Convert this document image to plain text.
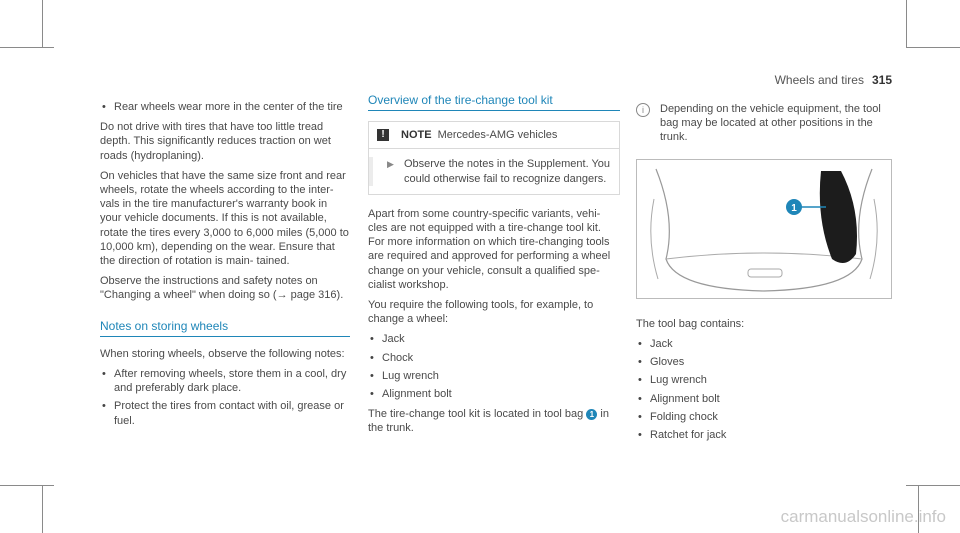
Wheels and tires 315
• Rear wheels wear more in the center of the tire

Do not drive with tires that have too little tread depth. This significantly reduces traction on wet roads (hydroplaning).

On vehicles that have the same size front and rear wheels, rotate the wheels according to the inter- vals in the tire manufacturer's warranty book in your vehicle documents. If this is not available, rotate the tires every 3,000 to 6,000 miles (5,000 to 10,000 km), depending on the wear. Ensure that the direction of rotation is main- tained.

Observe the instructions and safety notes on "Changing a wheel" when doing so (→ page 316).

Notes on storing wheels

When storing wheels, observe the following notes:

• After removing wheels, store them in a cool, dry and preferably dark place.
• Protect the tires from contact with oil, grease or fuel.
Overview of the tire-change tool kit
!	NOTE Mercedes-AMG vehicles
▶ Observe the notes in the Supplement. You could otherwise fail to recognize dangers.

Apart from some country-specific variants, vehi- cles are not equipped with a tire-change tool kit. For more information on which tire-changing tools are required and approved for performing a wheel change on your vehicle, consult a qualified spe- cialist workshop.

You require the following tools, for example, to change a wheel:

• Jack
• Chock
• Lug wrench
• Alignment bolt

The tire-change tool kit is located in tool bag 1 in the trunk.

i	Depending on the vehicle equipment, the tool bag may be located at other positions in the trunk.
1

The tool bag contains:

• Jack
• Gloves
• Lug wrench
• Alignment bolt
• Folding chock
• Ratchet for jack
carmanualsonline.info
